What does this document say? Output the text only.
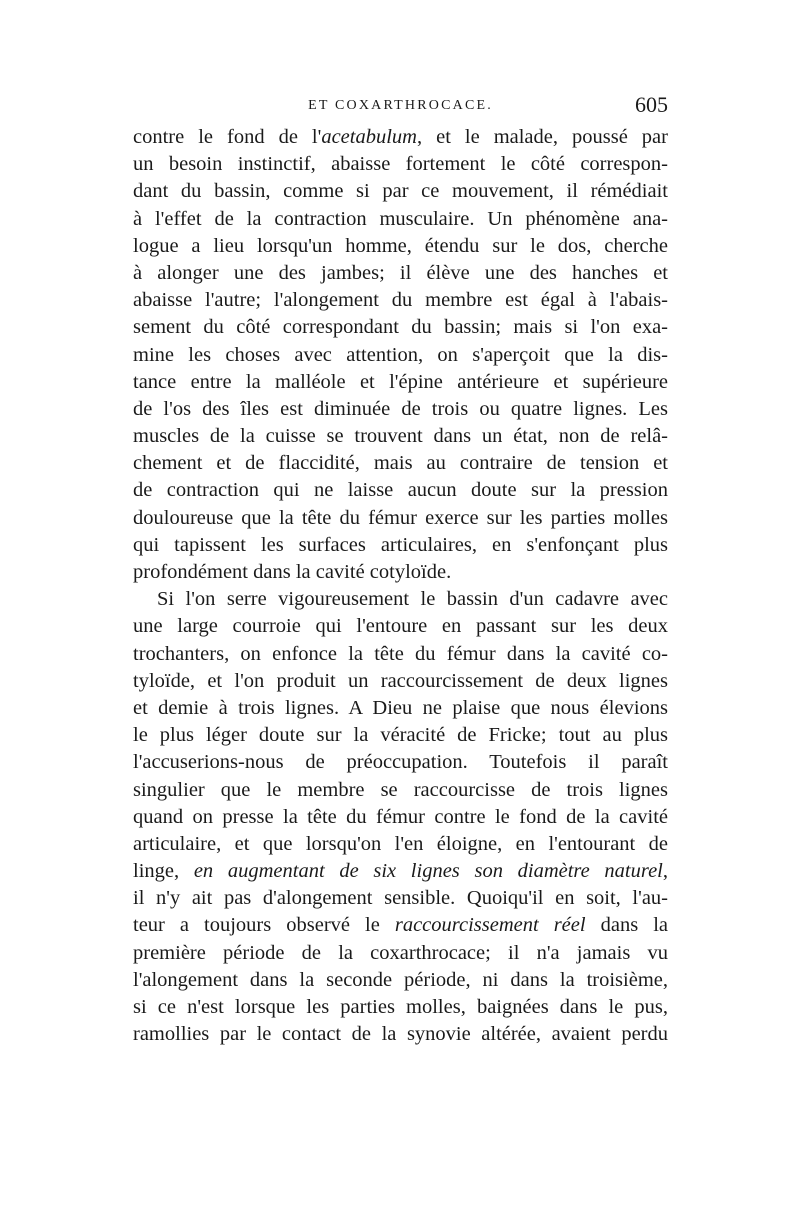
ET COXARTHROCACE.	605
contre le fond de l'acetabulum, et le malade, poussé par
un besoin instinctif, abaisse fortement le côté correspon-
dant du bassin, comme si par ce mouvement, il rémédiait
à l'effet de la contraction musculaire. Un phénomène ana-
logue a lieu lorsqu'un homme, étendu sur le dos, cherche
à alonger une des jambes; il élève une des hanches et
abaisse l'autre; l'alongement du membre est égal à l'abais-
sement du côté correspondant du bassin; mais si l'on exa-
mine les choses avec attention, on s'aperçoit que la dis-
tance entre la malléole et l'épine antérieure et supérieure
de l'os des îles est diminuée de trois ou quatre lignes. Les
muscles de la cuisse se trouvent dans un état, non de relâ-
chement et de flaccidité, mais au contraire de tension et
de contraction qui ne laisse aucun doute sur la pression
douloureuse que la tête du fémur exerce sur les parties molles
qui tapissent les surfaces articulaires, en s'enfonçant plus
profondément dans la cavité cotyloïde.
Si l'on serre vigoureusement le bassin d'un cadavre avec
une large courroie qui l'entoure en passant sur les deux
trochanters, on enfonce la tête du fémur dans la cavité co-
tyloïde, et l'on produit un raccourcissement de deux lignes
et demie à trois lignes. A Dieu ne plaise que nous élevions
le plus léger doute sur la véracité de Fricke; tout au plus
l'accuserions-nous de préoccupation. Toutefois il paraît
singulier que le membre se raccourcisse de trois lignes
quand on presse la tête du fémur contre le fond de la cavité
articulaire, et que lorsqu'on l'en éloigne, en l'entourant de
linge, en augmentant de six lignes son diamètre naturel,
il n'y ait pas d'alongement sensible. Quoiqu'il en soit, l'au-
teur a toujours observé le raccourcissement réel dans la
première période de la coxarthrocace; il n'a jamais vu
l'alongement dans la seconde période, ni dans la troisième,
si ce n'est lorsque les parties molles, baignées dans le pus,
ramollies par le contact de la synovie altérée, avaient perdu
